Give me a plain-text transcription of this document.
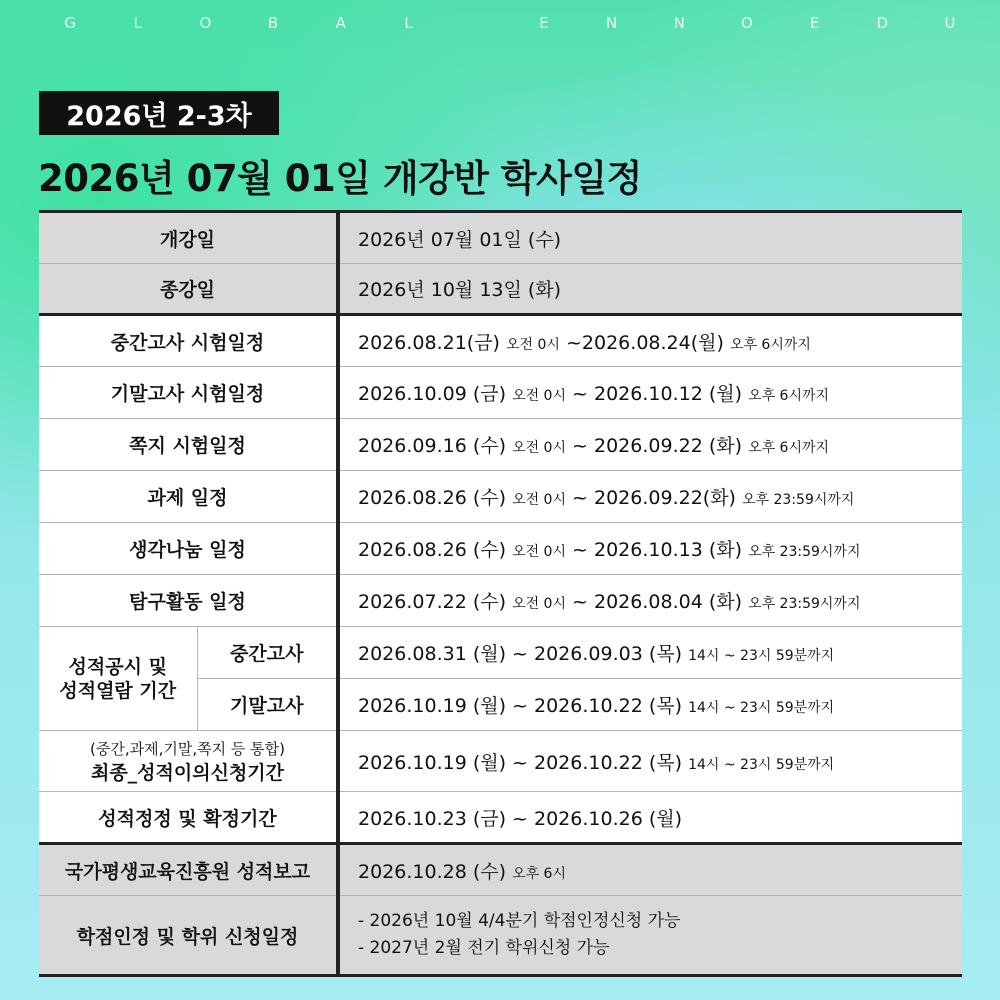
G	L	O	B	A	L	E	N	N	O	E	D	U
2026년 2-3차
2026년 07월 01일 개강반 학사일정
개강일		2026년 07월 01일 (수)
종강일		2026년 10월 13일 (화)
중간고사 시험일정		2026.08.21(금) 오전 0시 ~2026.08.24(월) 오후 6시까지
기말고사 시험일정		2026.10.09 (금) 오전 0시 ~ 2026.10.12 (월) 오후 6시까지
쪽지 시험일정		2026.09.16 (수) 오전 0시 ~ 2026.09.22 (화) 오후 6시까지
과제 일정		2026.08.26 (수) 오전 0시 ~ 2026.09.22(화) 오후 23:59시까지
생각나눔 일정		2026.08.26 (수) 오전 0시 ~ 2026.10.13 (화) 오후 23:59시까지
탐구활동 일정		2026.07.22 (수) 오전 0시 ~ 2026.08.04 (화) 오후 23:59시까지

성적공시 및
성적열람 기간	중간고사	2026.08.31 (월) ~ 2026.09.03 (목) 14시 ~ 23시 59분까지
	기말고사	2026.10.19 (월) ~ 2026.10.22 (목) 14시 ~ 23시 59분까지

(중간,과제,기말,쪽지 등 통합)
최종_성적이의신청기간		2026.10.19 (월) ~ 2026.10.22 (목) 14시 ~ 23시 59분까지
성적정정 및 확정기간		2026.10.23 (금) ~ 2026.10.26 (월)
국가평생교육진흥원 성적보고		2026.10.28 (수) 오후 6시
학점인정 및 학위 신청일정		- 2026년 10월 4/4분기 학점인정신청 가능
- 2027년 2월 전기 학위신청 가능
